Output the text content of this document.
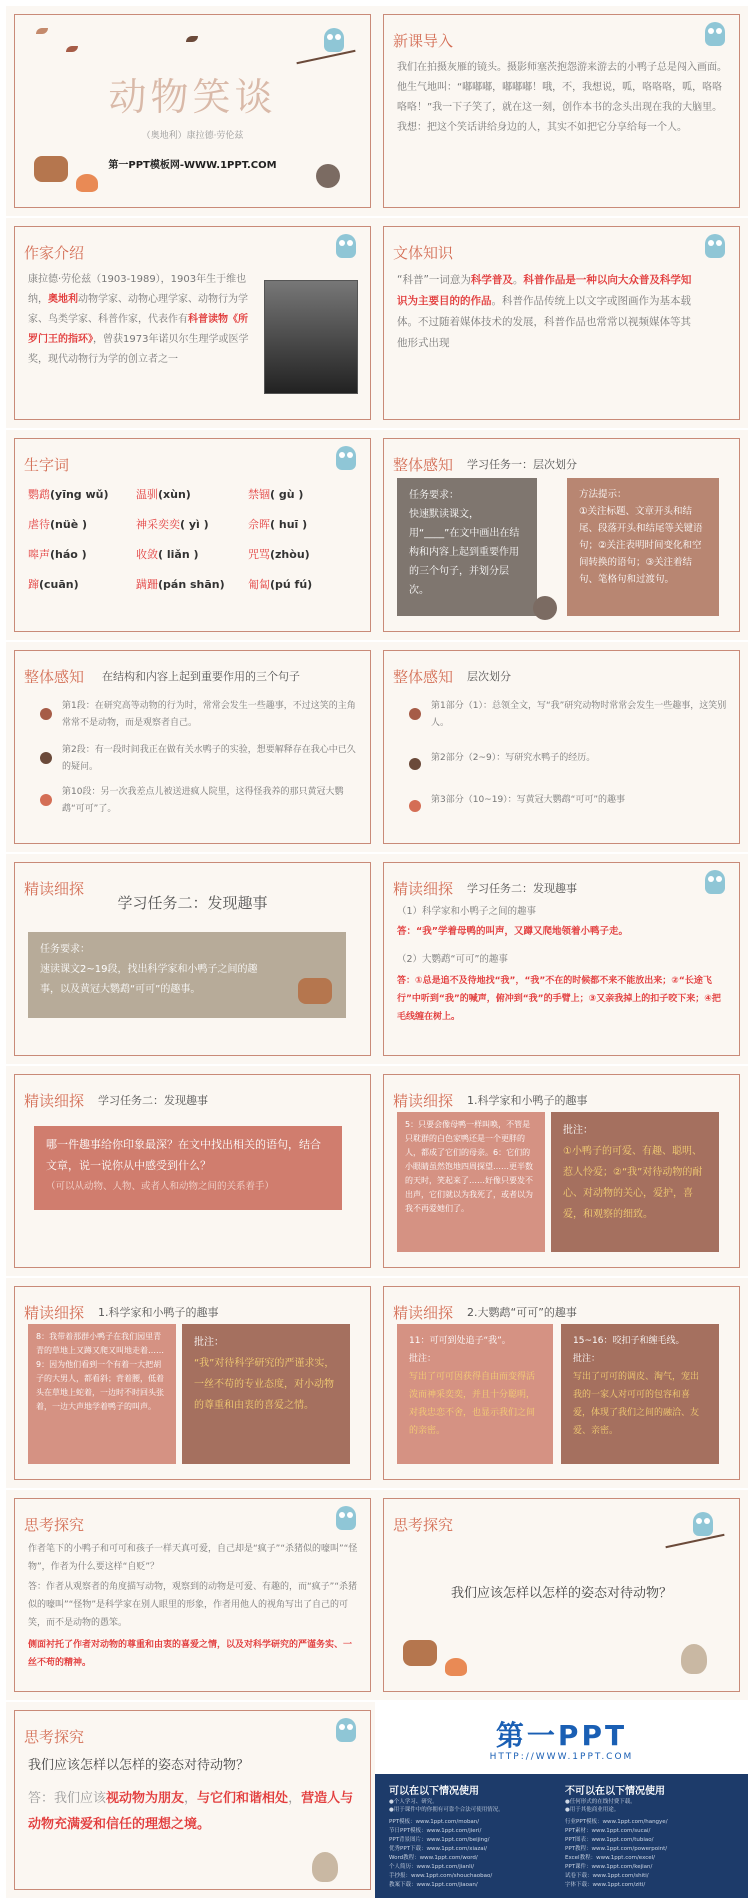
动物笑谈
（奥地利）康拉德·劳伦兹
第一PPT模板网-WWW.1PPT.COM
新课导入
我们在拍摄灰雁的镜头。摄影师塞茨抱怨游来游去的小鸭子总是闯入画面。他生气地叫：“嘟嘟嘟，嘟嘟嘟！哦，不，我想说，呱，咯咯咯，呱，咯咯咯咯！”我一下子笑了，就在这一刻，创作本书的念头出现在我的大脑里。我想：把这个笑话讲给身边的人，其实不如把它分享给每一个人。
作家介绍
康拉德·劳伦兹（1903-1989），1903年生于维也纳，奥地利动物学家、动物心理学家、动物行为学家、鸟类学家、科普作家，代表作有科普读物《所罗门王的指环》，曾获1973年诺贝尔生理学或医学奖，现代动物行为学的创立者之一
文体知识
“科普”一词意为科学普及。科普作品是一种以向大众普及科学知识为主要目的的作品。科普作品传统上以文字或图画作为基本载体。不过随着媒体技术的发展，科普作品也常常以视频媒体等其他形式出现
生字词
鹦鹉(yīng wǔ)	温驯(xùn)	禁锢( gù )
虐待(nüè )	神采奕奕( yì )	佘晖( huī )
嗥声(háo )	收敛( liǎn )	咒骂(zhòu)
蹿(cuān)	蹒跚(pán shān)	匍匐(pú fú)
整体感知 学习任务一：层次划分
任务要求：
快速默读课文，用“____”在文中画出在结构和内容上起到重要作用的三个句子，并划分层次。
方法提示：
①关注标题、文章开头和结尾、段落开头和结尾等关键语句；②关注表明时间变化和空间转换的语句；③关注着结句、笔格句和过渡句。
整体感知 在结构和内容上起到重要作用的三个句子
第1段：在研究高等动物的行为时，常常会发生一些趣事，不过这笑的主角常常不是动物，而是观察者自己。
第2段：有一段时间我正在做有关水鸭子的实验，想要解释存在我心中已久的疑问。
第10段：另一次我差点儿被送进疯人院里，这得怪我养的那只黄冠大鹦鹉“可可”了。
整体感知 层次划分
第1部分（1）：总领全文，写“我”研究动物时常常会发生一些趣事，这笑别人。
第2部分（2~9）：写研究水鸭子的经历。
第3部分（10~19）：写黄冠大鹦鹉“可可”的趣事
精读细探
学习任务二：发现趣事
任务要求：
速读课文2~19段，找出科学家和小鸭子之间的趣事，以及黄冠大鹦鹉“可可”的趣事。
精读细探 学习任务二：发现趣事
（1）科学家和小鸭子之间的趣事
答：“我”学着母鸭的叫声，又蹲又爬地领着小鸭子走。
（2）大鹦鹉“可可”的趣事
答：①总是追不及待地找“我”，“我”不在的时候都不来不能放出来；②“长途飞行”中听到“我”的喊声，俯冲到“我”的手臂上；③又亲我掉上的扣子咬下来；④把毛线缠在树上。
精读细探 学习任务二：发现趣事
哪一件趣事给你印象最深？在文中找出相关的语句，结合文章，说一说你从中感受到什么？
（可以从动物、人物、或者人和动物之间的关系着手）
精读细探 1.科学家和小鸭子的趣事
5：只要会像母鸭一样叫唤，不管是只耽群的白色家鸭还是一个更胖的人，都成了它们的母亲。6：它们的小眼睛虽然饱地四周探望……更半数的天时，笑起来了……好像只要发不出声，它们就以为我死了，或者以为我不再爱她们了。
批注：
①小鸭子的可爱、有趣、聪明、惹人怜爱；②“我”对待动物的耐心、对动物的关心，爱护，喜爱，和观察的细致。
精读细探 1.科学家和小鸭子的趣事
8：我带着那群小鸭子在我们园里青青的草地上又蹲又爬又叫地走着……9：因为他们看到一个有着一大把胡子的大男人，都看斜；背着腰，低着头在草地上蛇着，一边时不时回头张着，一边大声地学着鸭子的叫声。
批注：
“我”对待科学研究的严谨求实，一丝不苟的专业态度，对小动物的尊重和由衷的喜爱之情。
精读细探 2.大鹦鹉“可可”的趣事
11：可可到处追子“我”。
批注：
写出了可可因获得自由而变得活泼而神采奕奕，并且十分聪明，对我忠恋不舍，也显示我们之间的亲密。
15~16：咬扣子和缠毛线。
批注：
写出了可可的调皮、淘气，宠出我的一家人对可可的包容和喜爱，体现了我们之间的融洽、友爱、亲密。
思考探究
作者笔下的小鸭子和可可和孩子一样天真可爱，自己却是“疯子”“杀猪似的嚎叫”“怪物”，作者为什么要这样“自贬”？
答：作者从观察者的角度描写动物，观察到的动物是可爱、有趣的，而“疯子”“杀猪似的嚎叫”“怪物”是科学家在别人眼里的形象，作者用他人的视角写出了自己的可笑，而不是动物的愚笨。
侧面衬托了作者对动物的尊重和由衷的喜爱之情，以及对科学研究的严谨务实、一丝不苟的精神。
思考探究
我们应该怎样以怎样的姿态对待动物？
思考探究
我们应该怎样以怎样的姿态对待动物？
答：我们应该视动物为朋友，与它们和谐相处，营造人与动物充满爱和信任的理想之境。
第一PPT
HTTP://WWW.1PPT.COM
可以在以下情况使用
●个人学习、研究。
●用于课件中的你拥有可靠个合法可使用情况。
不可以在以下情况使用
●任何形式的在线付费下载。
●用于其他商业用途。
PPT模板：www.1ppt.com/moban/
节日PPT模板：www.1ppt.com/jieri/
PPT背景图片：www.1ppt.com/beijing/
优秀PPT下载：www.1ppt.com/xiazai/
Word教程：www.1ppt.com/word/
个人简历：www.1ppt.com/jianli/
手抄报：www.1ppt.com/shouchaobao/
教案下载：www.1ppt.com/jiaoan/
行业PPT模板：www.1ppt.com/hangye/
PPT素材：www.1ppt.com/sucai/
PPT图表：www.1ppt.com/tubiao/
PPT教程：www.1ppt.com/powerpoint/
Excel教程：www.1ppt.com/excel/
PPT课件：www.1ppt.com/kejian/
试卷下载：www.1ppt.com/shiti/
字体下载：www.1ppt.com/ziti/
